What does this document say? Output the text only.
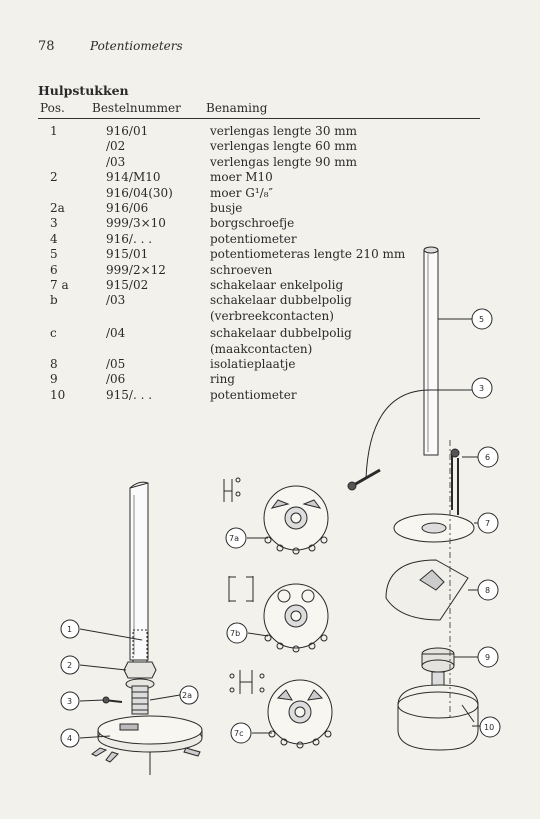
78	Potentiometers
Hulpstukken
Pos. Bestelnummer Benaming
1	916/01	verlengas lengte 30 mm
/02	verlengas lengte 60 mm
/03	verlengas lengte 90 mm
2	914/M10	moer M10
916/04(30)	moer G¹/₈″
2a	916/06	busje
3	999/3×10	borgschroefje
4	916/. . .	potentiometer
5	915/01	potentiometeras lengte 210 mm
6	999/2×12	schroeven
7 a	915/02	schakelaar enkelpolig
b	/03	schakelaar dubbelpolig
(verbreekcontacten)
c	/04	schakelaar dubbelpolig
(maakcontacten)
8	/05	isolatieplaatje
9	/06	ring
10	915/. . .	potentiometer
1
2
2a
3
4
5
3
6
7
7a
7b
7c
8
9
10
